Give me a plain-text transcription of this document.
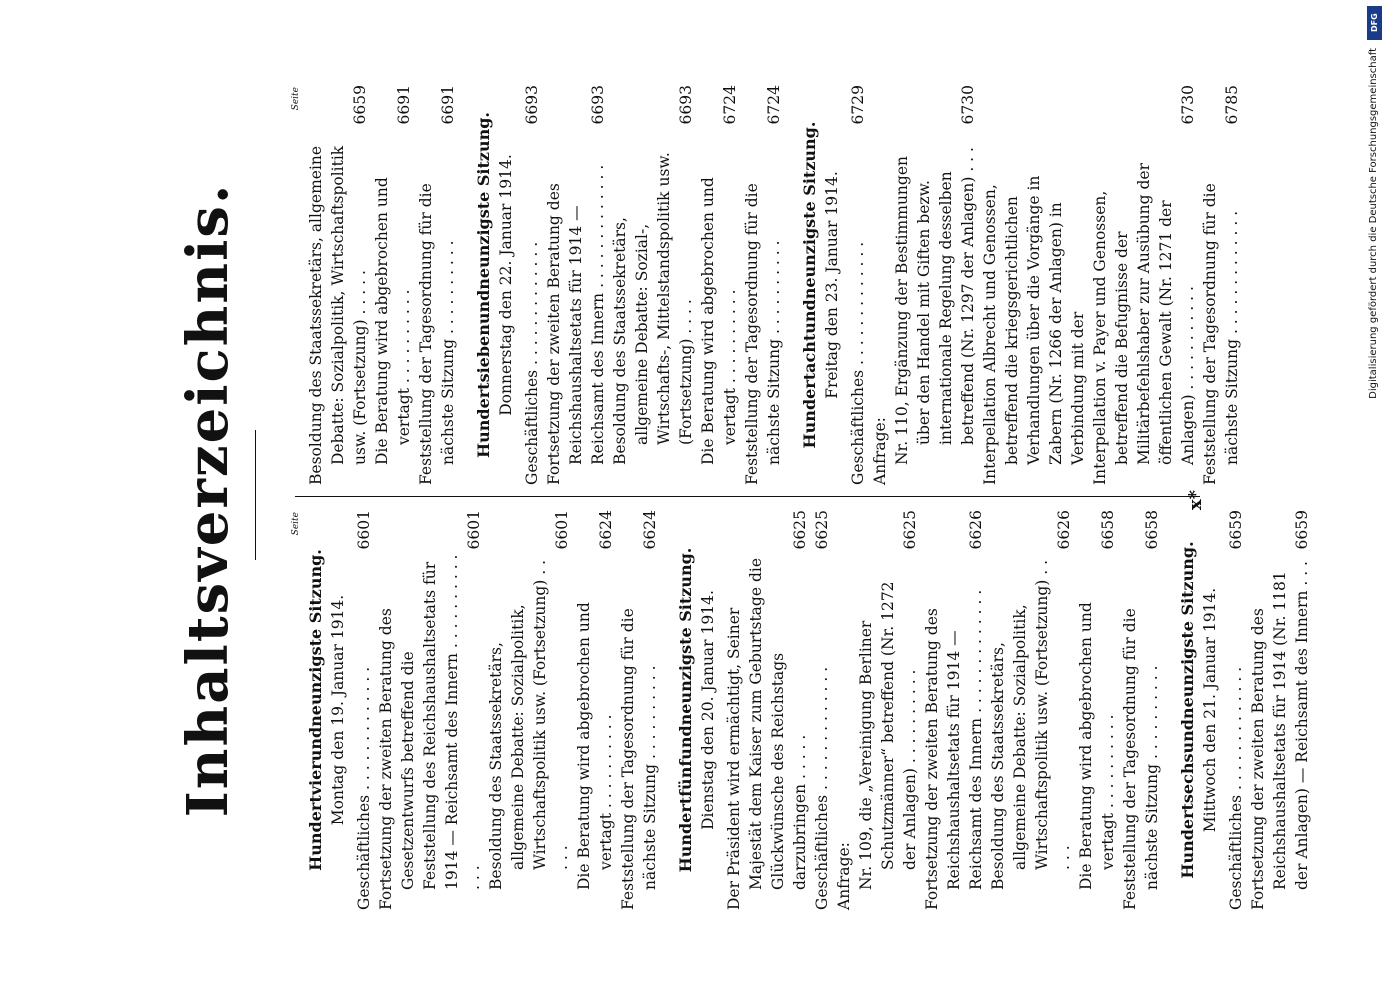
Inhaltsverzeichnis.	Seite
Hundertvierundneunzigste Sitzung. Montag den 19. Januar 1914. Geschäftliches . . . . . . . . . . . . .
6601
Fortsetzung der zweiten Beratung des Gesetzentwurfs betreffend die Feststellung des Reichshaushaltsetats für 1914 — Reichsamt des Innern . . . . . . . . . . . . .
6601
Besoldung des Staatssekretärs, allgemeine Debatte: Sozialpolitik, Wirtschaftspolitik usw. (Fortsetzung) . . . . .
6601
Die Beratung wird abgebrochen und vertagt . . . . . . . . . .
6624
Feststellung der Tagesordnung für die nächste Sitzung . . . . . . . . . .
6624
Hundertfünfundneunzigste Sitzung. Dienstag den 20. Januar 1914. Der Präsident wird ermächtigt, Seiner Majestät dem Kaiser zum Geburtstage die Glückwünsche des Reichstags darzubringen . . . . .
6625
Geschäftliches . . . . . . . . . . . . .
6625
Anfrage: Nr. 109, die „Vereinigung Berliner Schutzmänner“ betreffend (Nr. 1272 der Anlagen) . . . . . . . . . .
6625
Fortsetzung der zweiten Beratung des Reichshaushaltsetats für 1914 — Reichsamt des Innern . . . . . . . . . . . . .
6626
Besoldung des Staatssekretärs, allgemeine Debatte: Sozialpolitik, Wirtschaftspolitik usw. (Fortsetzung) . . . . .
6626
Die Beratung wird abgebrochen und vertagt . . . . . . . . . .
6658
Feststellung der Tagesordnung für die nächste Sitzung . . . . . . . . . .
6658
Hundertsechsundneunzigste Sitzung. Mittwoch den 21. Januar 1914. Geschäftliches . . . . . . . . . . . . .
6659
Fortsetzung der zweiten Beratung des Reichshaushaltsetats für 1914 (Nr. 1181 der Anlagen) — Reichsamt des Innern . . .
6659
Seite
Besoldung des Staatssekretärs, allgemeine Debatte: Sozialpolitik, Wirtschaftspolitik usw. (Fortsetzung) . . . . .
6659
Die Beratung wird abgebrochen und vertagt . . . . . . . . . .
6691
Feststellung der Tagesordnung für die nächste Sitzung . . . . . . . . . .
6691
Hundertsiebenundneunzigste Sitzung. Donnerstag den 22. Januar 1914. Geschäftliches . . . . . . . . . . . . .
6693
Fortsetzung der zweiten Beratung des Reichshaushaltsetats für 1914 — Reichsamt des Innern . . . . . . . . . . . . .
6693
Besoldung des Staatssekretärs, allgemeine Debatte: Sozial-, Wirtschafts-, Mittelstandspolitik usw. (Fortsetzung) . . . .
6693
Die Beratung wird abgebrochen und vertagt . . . . . . . . . .
6724
Feststellung der Tagesordnung für die nächste Sitzung . . . . . . . . . .
6724
Hundertachtundneunzigste Sitzung. Freitag den 23. Januar 1914. Geschäftliches . . . . . . . . . . . . .
6729
Anfrage: Nr. 110, Ergänzung der Bestimmungen über den Handel mit Giften bezw. internationale Regelung desselben betreffend (Nr. 1297 der Anlagen) . . .
6730
Interpellation Albrecht und Genossen, betreffend die kriegsgerichtlichen Verhandlungen über die Vorgänge in Zabern (Nr. 1266 der Anlagen) in Verbindung mit der Interpellation v. Payer und Genossen, betreffend die Befugnisse der Militärbefehlshaber zur Ausübung der öffentlichen Gewalt (Nr. 1271 der Anlagen) . . . . . . . . . . .
6730
Feststellung der Tagesordnung für die nächste Sitzung . . . . . . . . . . . . .
6785
x*
DFG
Digitalisierung gefördert durch die Deutsche Forschungsgemeinschaft
